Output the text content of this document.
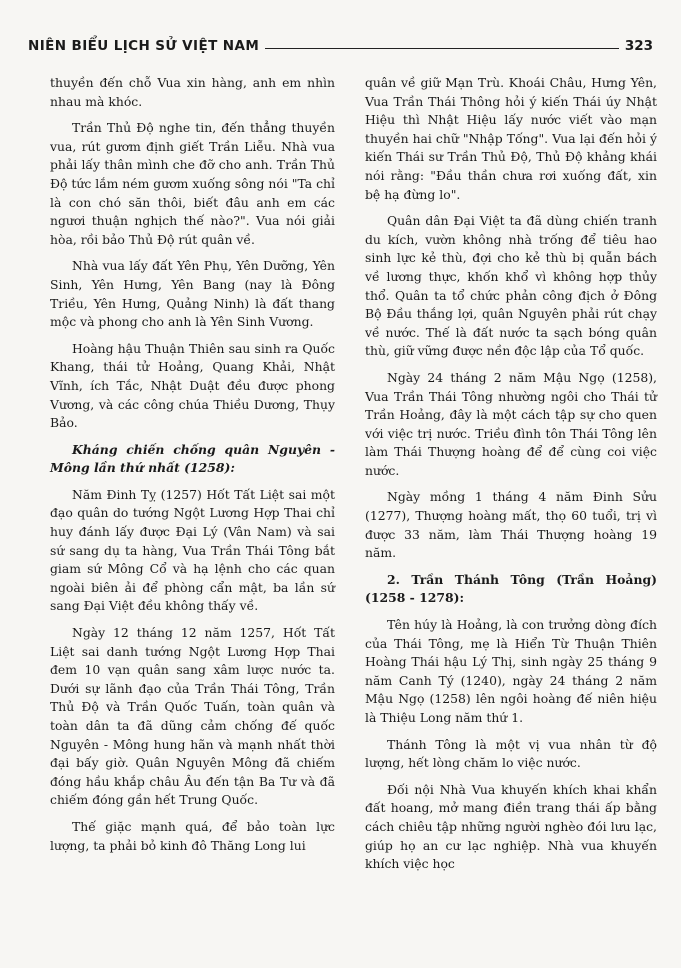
NIÊN BIỂU LỊCH SỬ VIỆT NAM	323

thuyền đến chỗ Vua xin hàng, anh em nhìn nhau mà khóc.

Trần Thủ Độ nghe tin, đến thẳng thuyền vua, rút gươm định giết Trần Liễu. Nhà vua phải lấy thân mình che đỡ cho anh. Trần Thủ Độ tức lắm ném gươm xuống sông nói "Ta chỉ là con chó săn thôi, biết đâu anh em các ngươi thuận nghịch thế nào?". Vua nói giải hòa, rồi bảo Thủ Độ rút quân về.

Nhà vua lấy đất Yên Phụ, Yên Dưỡng, Yên Sinh, Yên Hưng, Yên Bang (nay là Đông Triều, Yên Hưng, Quảng Ninh) là đất thang mộc và phong cho anh là Yên Sinh Vương.

Hoàng hậu Thuận Thiên sau sinh ra Quốc Khang, thái tử Hoảng, Quang Khải, Nhật Vĩnh, ích Tắc, Nhật Duật đều được phong Vương, và các công chúa Thiều Dương, Thụy Bảo.

Kháng chiến chống quân Nguyên - Mông lần thứ nhất (1258):

Năm Đinh Tỵ (1257) Hốt Tất Liệt sai một đạo quân do tướng Ngột Lương Hợp Thai chỉ huy đánh lấy được Đại Lý (Vân Nam) và sai sứ sang dụ ta hàng, Vua Trần Thái Tông bắt giam sứ Mông Cổ và hạ lệnh cho các quan ngoài biên ải để phòng cẩn mật, ba lần sứ sang Đại Việt đều không thấy về.

Ngày 12 tháng 12 năm 1257, Hốt Tất Liệt sai danh tướng Ngột Lương Hợp Thai đem 10 vạn quân sang xâm lược nước ta. Dưới sự lãnh đạo của Trần Thái Tông, Trần Thủ Độ và Trần Quốc Tuấn, toàn quân và toàn dân ta đã dũng cảm chống đế quốc Nguyên - Mông hung hãn và mạnh nhất thời đại bấy giờ. Quân Nguyên Mông đã chiếm đóng hầu khắp châu Âu đến tận Ba Tư và đã chiếm đóng gần hết Trung Quốc.

Thế giặc mạnh quá, để bảo toàn lực lượng, ta phải bỏ kinh đô Thăng Long lui

quân về giữ Mạn Trù. Khoái Châu, Hưng Yên, Vua Trần Thái Thông hỏi ý kiến Thái úy Nhật Hiệu thì Nhật Hiệu lấy nước viết vào mạn thuyền hai chữ "Nhập Tống". Vua lại đến hỏi ý kiến Thái sư Trần Thủ Độ, Thủ Độ khảng khái nói rằng: "Đầu thần chưa rơi xuống đất, xin bệ hạ đừng lo".

Quân dân Đại Việt ta đã dùng chiến tranh du kích, vườn không nhà trống để tiêu hao sinh lực kẻ thù, đợi cho kẻ thù bị quẫn bách về lương thực, khốn khổ vì không hợp thủy thổ. Quân ta tổ chức phản công địch ở Đông Bộ Đầu thắng lợi, quân Nguyên phải rút chạy về nước. Thế là đất nước ta sạch bóng quân thù, giữ vững được nền độc lập của Tổ quốc.

Ngày 24 tháng 2 năm Mậu Ngọ (1258), Vua Trần Thái Tông nhường ngôi cho Thái tử Trần Hoảng, đây là một cách tập sự cho quen với việc trị nước. Triều đình tôn Thái Tông lên làm Thái Thượng hoàng để để cùng coi việc nước.

Ngày mồng 1 tháng 4 năm Đinh Sửu (1277), Thượng hoàng mất, thọ 60 tuổi, trị vì được 33 năm, làm Thái Thượng hoàng 19 năm.

2. Trần Thánh Tông (Trần Hoảng) (1258 - 1278):

Tên húy là Hoảng, là con trưởng dòng đích của Thái Tông, mẹ là Hiển Từ Thuận Thiên Hoàng Thái hậu Lý Thị, sinh ngày 25 tháng 9 năm Canh Tý (1240), ngày 24 tháng 2 năm Mậu Ngọ (1258) lên ngôi hoàng đế niên hiệu là Thiệu Long năm thứ 1.

Thánh Tông là một vị vua nhân từ độ lượng, hết lòng chăm lo việc nước.

Đối nội Nhà Vua khuyến khích khai khẩn đất hoang, mở mang điền trang thái ấp bằng cách chiêu tập những người nghèo đói lưu lạc, giúp họ an cư lạc nghiệp. Nhà vua khuyến khích việc học
